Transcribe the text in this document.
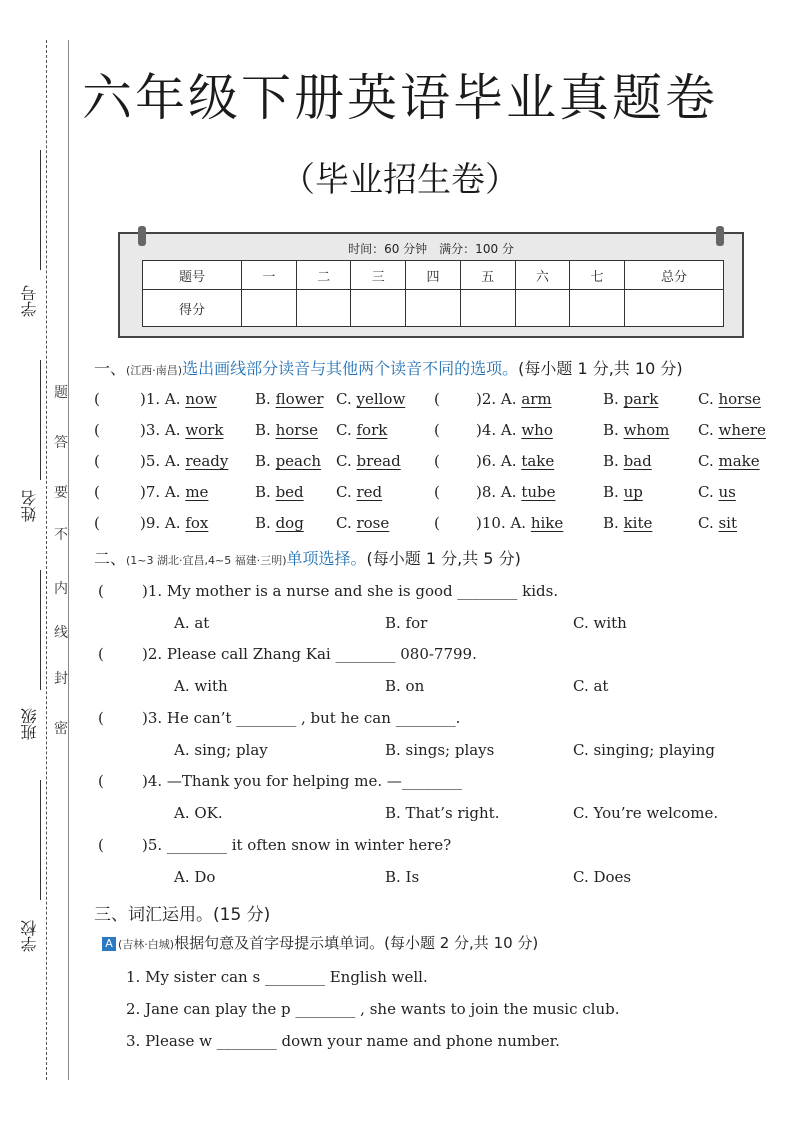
学号
姓名
班级
学校
题
答
要
不
内
线
封
密
六年级下册英语毕业真题卷
（毕业招生卷）
时间：60 分钟　满分：100 分
题号	一	二	三	四	五	六	七	总分
得分								
一、(江西·南昌)选出画线部分读音与其他两个读音不同的选项。(每小题 1 分,共 10 分)
(	)1. A. now	B. flower C. yellow ( )2. A. arm	B. park	C. horse
(	)3. A. work B. horse C. fork	( )4. A. who	B. whom C. where
(	)5. A. ready B. peach C. bread ( )6. A. take	B. bad	C. make
(	)7. A. me	B. bed C. red	( )8. A. tube	B. up	C. us
(	)9. A. fox	B. dog C. rose	( )10. A. hike	B. kite	C. sit
二、(1~3 湖北·宜昌,4~5 福建·三明)单项选择。(每小题 1 分,共 5 分)
(	)1. My mother is a nurse and she is good ________ kids.
A. at	B. for	C. with
(	)2. Please call Zhang Kai ________ 080-7799.
A. with	B. on	C. at
(	)3. He can’t ________ , but he can ________.
A. sing; play	B. sings; plays	C. singing; playing
(	)4. —Thank you for helping me. —________
A. OK.	B. That’s right.	C. You’re welcome.
(	)5. ________ it often snow in winter here?
A. Do	B. Is	C. Does
三、词汇运用。(15 分)
A (吉林·白城)根据句意及首字母提示填单词。(每小题 2 分,共 10 分)
1. My sister can s ________ English well.
2. Jane can play the p ________ , she wants to join the music club.
3. Please w ________ down your name and phone number.
